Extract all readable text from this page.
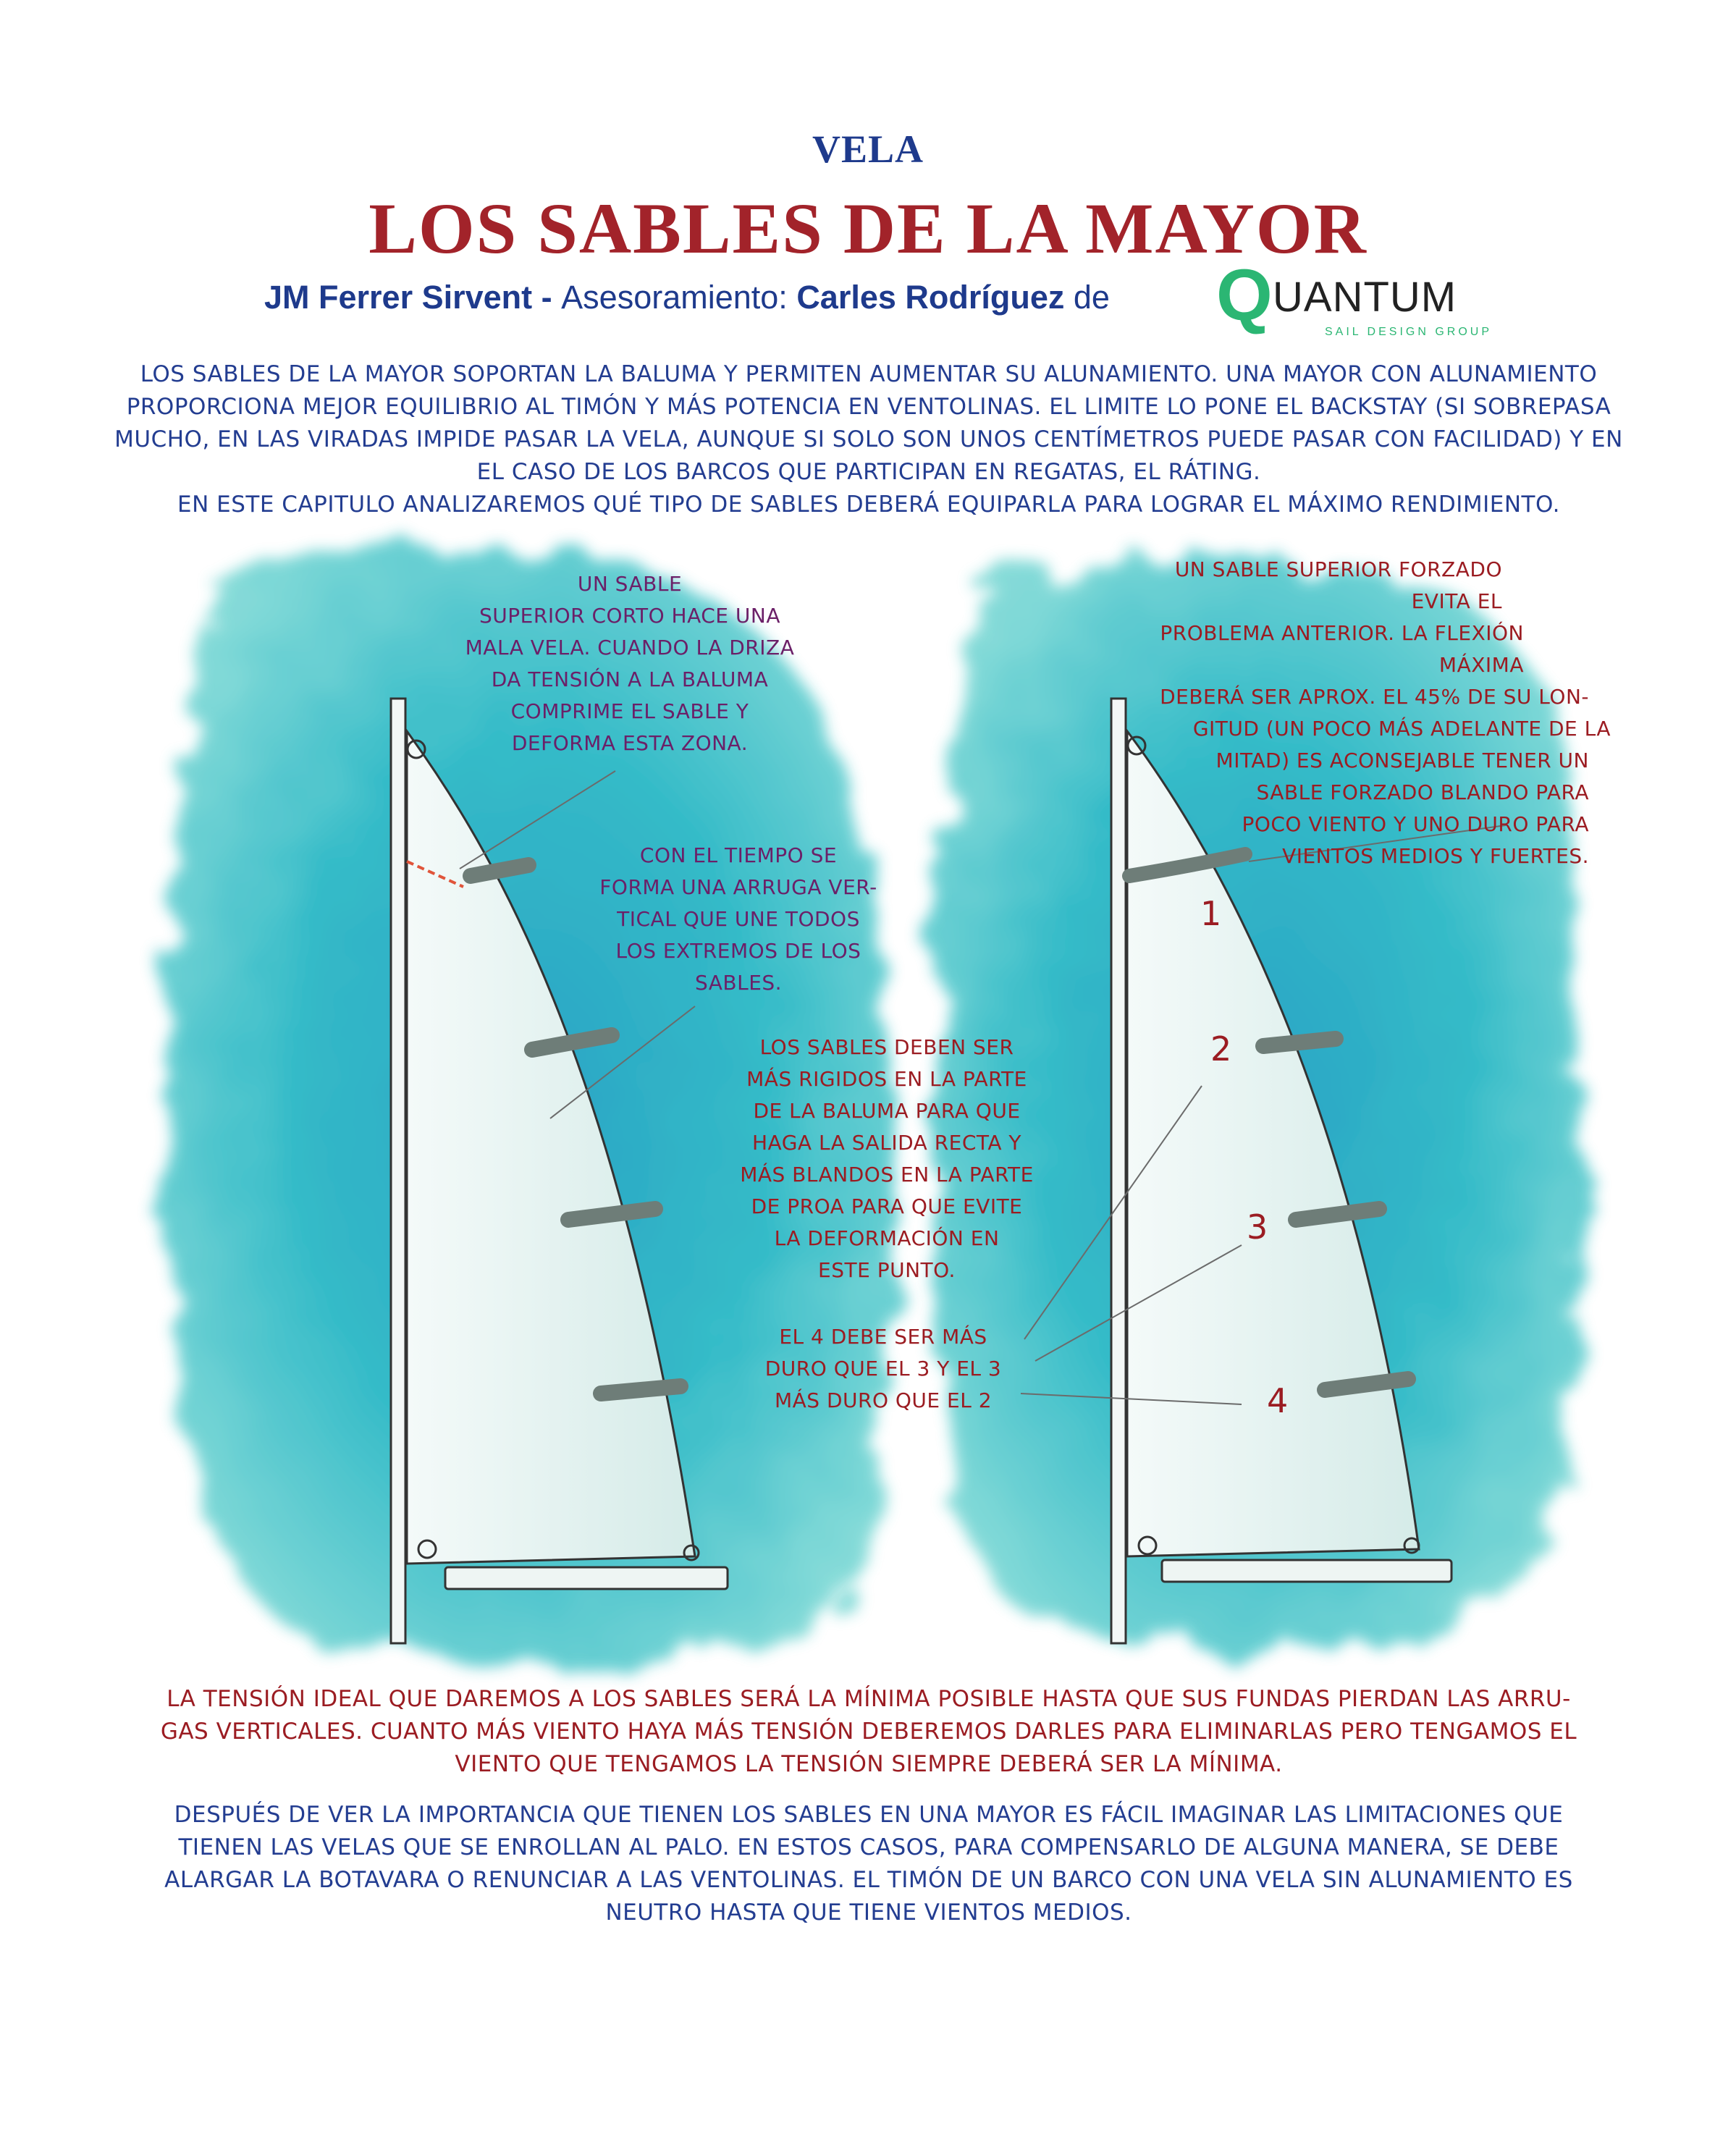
VELA
LOS SABLES DE LA MAYOR
JM Ferrer Sirvent - Asesoramiento: Carles Rodríguez de Q UANTUM
SAIL DESIGN GROUP
LOS SABLES DE LA MAYOR SOPORTAN LA BALUMA Y PERMITEN AUMENTAR SU ALUNAMIENTO. UNA MAYOR CON ALUNAMIENTO
PROPORCIONA MEJOR EQUILIBRIO AL TIMÓN Y MÁS POTENCIA EN VENTOLINAS. EL LIMITE LO PONE EL BACKSTAY (SI SOBREPASA
MUCHO, EN LAS VIRADAS IMPIDE PASAR LA VELA, AUNQUE SI SOLO SON UNOS CENTÍMETROS PUEDE PASAR CON FACILIDAD) Y EN
EL CASO DE LOS BARCOS QUE PARTICIPAN EN REGATAS, EL RÁTING.
EN ESTE CAPITULO ANALIZAREMOS QUÉ TIPO DE SABLES DEBERÁ EQUIPARLA PARA LOGRAR EL MÁXIMO RENDIMIENTO.
1
2
3
4
UN SABLE
SUPERIOR CORTO HACE UNA
MALA VELA. CUANDO LA DRIZA
DA TENSIÓN A LA BALUMA
COMPRIME EL SABLE Y
DEFORMA ESTA ZONA.
CON EL TIEMPO SE
FORMA UNA ARRUGA VER-
TICAL QUE UNE TODOS
LOS EXTREMOS DE LOS
SABLES.
LOS SABLES DEBEN SER
MÁS RIGIDOS EN LA PARTE
DE LA BALUMA PARA QUE
HAGA LA SALIDA RECTA Y
MÁS BLANDOS EN LA PARTE
DE PROA PARA QUE EVITE
LA DEFORMACIÓN EN
ESTE PUNTO.
EL 4 DEBE SER MÁS
DURO QUE EL 3 Y EL 3
MÁS DURO QUE EL 2
UN SABLE SUPERIOR FORZADO EVITA EL
PROBLEMA ANTERIOR. LA FLEXIÓN MÁXIMA
DEBERÁ SER APROX. EL 45% DE SU LON-
GITUD (UN POCO MÁS ADELANTE DE LA
MITAD) ES ACONSEJABLE TENER UN
SABLE FORZADO BLANDO PARA
POCO VIENTO Y UNO DURO PARA
VIENTOS MEDIOS Y FUERTES.
LA TENSIÓN IDEAL QUE DAREMOS A LOS SABLES SERÁ LA MÍNIMA POSIBLE HASTA QUE SUS FUNDAS PIERDAN LAS ARRU-
GAS VERTICALES. CUANTO MÁS VIENTO HAYA MÁS TENSIÓN DEBEREMOS DARLES PARA ELIMINARLAS PERO TENGAMOS EL
VIENTO QUE TENGAMOS LA TENSIÓN SIEMPRE DEBERÁ SER LA MÍNIMA.
DESPUÉS DE VER LA IMPORTANCIA QUE TIENEN LOS SABLES EN UNA MAYOR ES FÁCIL IMAGINAR LAS LIMITACIONES QUE
TIENEN LAS VELAS QUE SE ENROLLAN AL PALO. EN ESTOS CASOS, PARA COMPENSARLO DE ALGUNA MANERA, SE DEBE
ALARGAR LA BOTAVARA O RENUNCIAR A LAS VENTOLINAS. EL TIMÓN DE UN BARCO CON UNA VELA SIN ALUNAMIENTO ES
NEUTRO HASTA QUE TIENE VIENTOS MEDIOS.
